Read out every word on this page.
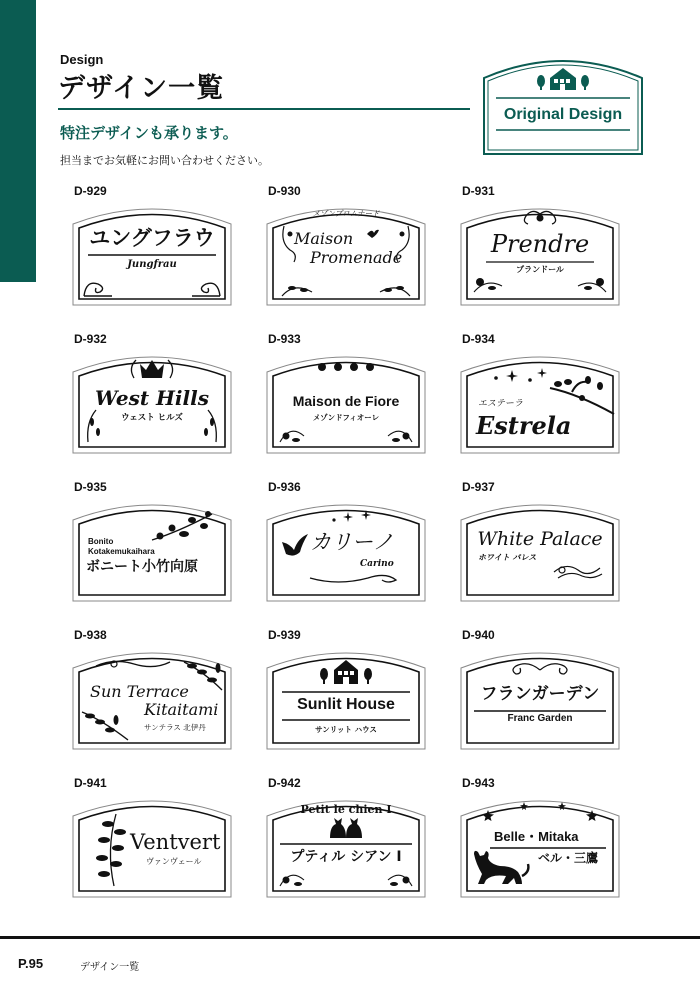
Design
デザイン一覧
特注デザインも承ります。
担当までお気軽にお問い合わせください。
Original Design
D-929
ユングフラウ
Jungfrau
D-930
メゾンプロムナード
Maison
Promenade
D-931
Prendre
プランドール
D-932
West Hills
ウェスト ヒルズ
D-933
Maison de Fiore
メゾンドフィオーレ
D-934
エステーラ
Estrela
D-935
Bonito
Kotakemukaihara
ボニート小竹向原
D-936
カリーノ
Carino
D-937
White Palace
ホワイト パレス
D-938
Sun Terrace
Kitaitami
サンテラス 北伊丹
D-939
Sunlit House
サンリット ハウス
D-940
フランガーデン
Franc Garden
D-941
Ventvert
ヴァンヴェール
D-942
Petit le chien I
プティル シアン I
D-943
Belle・Mitaka
ベル・三鷹
P.95	デザイン一覧
